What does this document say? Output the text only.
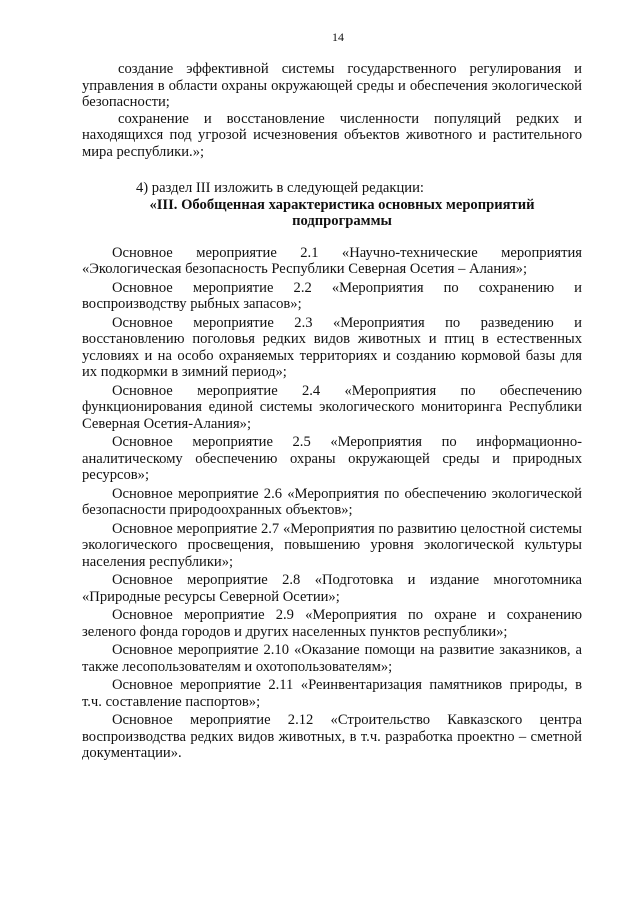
14

создание эффективной системы государственного регулирования и управления в области охраны окружающей среды и обеспечения экологической безопасности;

сохранение и восстановление численности популяций редких и находящихся под угрозой исчезновения объектов животного и растительного мира республики.»;

4) раздел III изложить в следующей редакции:

«III. Обобщенная характеристика основных мероприятий подпрограммы

Основное мероприятие 2.1 «Научно-технические мероприятия «Экологическая безопасность Республики Северная Осетия – Алания»;

Основное мероприятие 2.2 «Мероприятия по сохранению и воспроизводству рыбных запасов»;

Основное мероприятие 2.3 «Мероприятия по разведению и восстановлению поголовья редких видов животных и птиц в естественных условиях и на особо охраняемых территориях и созданию кормовой базы для их подкормки в зимний период»;

Основное мероприятие 2.4 «Мероприятия по обеспечению функционирования единой системы экологического мониторинга Республики Северная Осетия-Алания»;

Основное мероприятие 2.5 «Мероприятия по информационно-аналитическому обеспечению охраны окружающей среды и природных ресурсов»;

Основное мероприятие 2.6 «Мероприятия по обеспечению экологической безопасности природоохранных объектов»;

Основное мероприятие 2.7 «Мероприятия по развитию целостной системы экологического просвещения, повышению уровня экологической культуры населения республики»;

Основное мероприятие 2.8 «Подготовка и издание многотомника «Природные ресурсы Северной Осетии»;

Основное мероприятие 2.9 «Мероприятия по охране и сохранению зеленого фонда городов и других населенных пунктов республики»;

Основное мероприятие 2.10 «Оказание помощи на развитие заказников, а также лесопользователям и охотопользователям»;

Основное мероприятие 2.11 «Реинвентаризация памятников природы, в т.ч. составление паспортов»;

Основное мероприятие 2.12 «Строительство Кавказского центра воспроизводства редких видов животных, в т.ч. разработка проектно – сметной документации».
